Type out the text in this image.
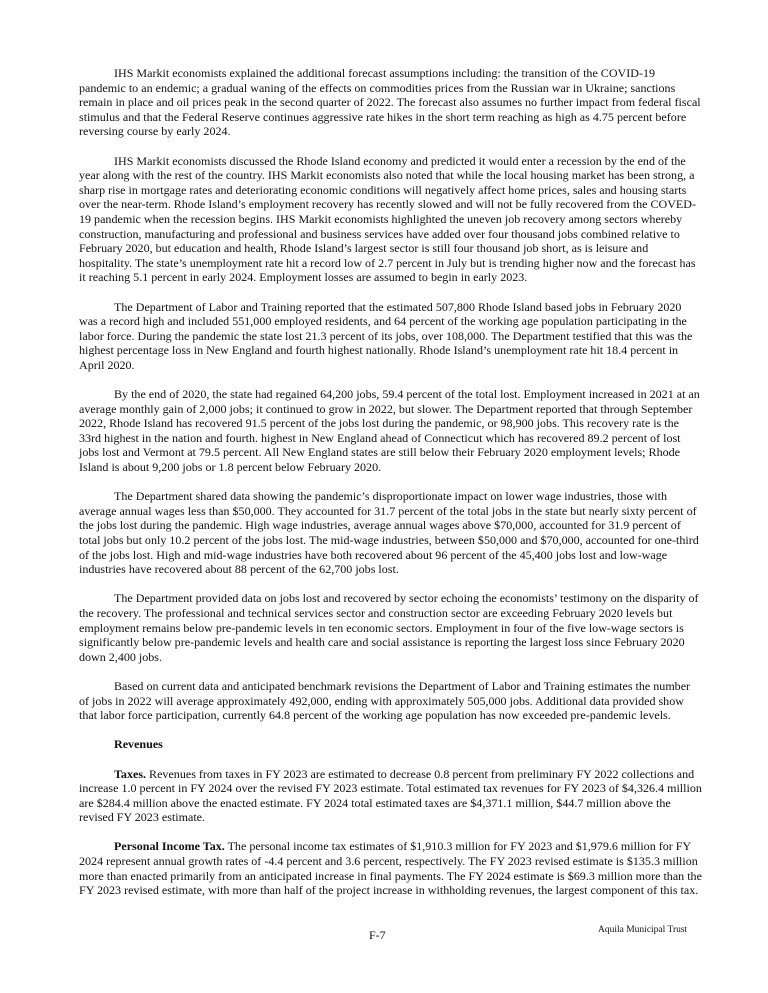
IHS Markit economists explained the additional forecast assumptions including: the transition of the COVID-19 pandemic to an endemic; a gradual waning of the effects on commodities prices from the Russian war in Ukraine; sanctions remain in place and oil prices peak in the second quarter of 2022. The forecast also assumes no further impact from federal fiscal stimulus and that the Federal Reserve continues aggressive rate hikes in the short term reaching as high as 4.75 percent before reversing course by early 2024.

IHS Markit economists discussed the Rhode Island economy and predicted it would enter a recession by the end of the year along with the rest of the country. IHS Markit economists also noted that while the local housing market has been strong, a sharp rise in mortgage rates and deteriorating economic conditions will negatively affect home prices, sales and housing starts over the near-term. Rhode Island’s employment recovery has recently slowed and will not be fully recovered from the COVED-19 pandemic when the recession begins. IHS Markit economists highlighted the uneven job recovery among sectors whereby construction, manufacturing and professional and business services have added over four thousand jobs combined relative to February 2020, but education and health, Rhode Island’s largest sector is still four thousand job short, as is leisure and hospitality. The state’s unemployment rate hit a record low of 2.7 percent in July but is trending higher now and the forecast has it reaching 5.1 percent in early 2024. Employment losses are assumed to begin in early 2023.

The Department of Labor and Training reported that the estimated 507,800 Rhode Island based jobs in February 2020 was a record high and included 551,000 employed residents, and 64 percent of the working age population participating in the labor force. During the pandemic the state lost 21.3 percent of its jobs, over 108,000. The Department testified that this was the highest percentage loss in New England and fourth highest nationally. Rhode Island’s unemployment rate hit 18.4 percent in April 2020.

By the end of 2020, the state had regained 64,200 jobs, 59.4 percent of the total lost. Employment increased in 2021 at an average monthly gain of 2,000 jobs; it continued to grow in 2022, but slower. The Department reported that through September 2022, Rhode Island has recovered 91.5 percent of the jobs lost during the pandemic, or 98,900 jobs. This recovery rate is the 33rd highest in the nation and fourth. highest in New England ahead of Connecticut which has recovered 89.2 percent of lost jobs lost and Vermont at 79.5 percent. All New England states are still below their February 2020 employment levels; Rhode Island is about 9,200 jobs or 1.8 percent below February 2020.

The Department shared data showing the pandemic’s disproportionate impact on lower wage industries, those with average annual wages less than $50,000. They accounted for 31.7 percent of the total jobs in the state but nearly sixty percent of the jobs lost during the pandemic. High wage industries, average annual wages above $70,000, accounted for 31.9 percent of total jobs but only 10.2 percent of the jobs lost. The mid-wage industries, between $50,000 and $70,000, accounted for one-third of the jobs lost. High and mid-wage industries have both recovered about 96 percent of the 45,400 jobs lost and low-wage industries have recovered about 88 percent of the 62,700 jobs lost.

The Department provided data on jobs lost and recovered by sector echoing the economists’ testimony on the disparity of the recovery. The professional and technical services sector and construction sector are exceeding February 2020 levels but employment remains below pre-pandemic levels in ten economic sectors. Employment in four of the five low-wage sectors is significantly below pre-pandemic levels and health care and social assistance is reporting the largest loss since February 2020 down 2,400 jobs.

Based on current data and anticipated benchmark revisions the Department of Labor and Training estimates the number of jobs in 2022 will average approximately 492,000, ending with approximately 505,000 jobs. Additional data provided show that labor force participation, currently 64.8 percent of the working age population has now exceeded pre-pandemic levels.

Revenues

Taxes. Revenues from taxes in FY 2023 are estimated to decrease 0.8 percent from preliminary FY 2022 collections and increase 1.0 percent in FY 2024 over the revised FY 2023 estimate. Total estimated tax revenues for FY 2023 of $4,326.4 million are $284.4 million above the enacted estimate. FY 2024 total estimated taxes are $4,371.1 million, $44.7 million above the revised FY 2023 estimate.

Personal Income Tax. The personal income tax estimates of $1,910.3 million for FY 2023 and $1,979.6 million for FY 2024 represent annual growth rates of -4.4 percent and 3.6 percent, respectively. The FY 2023 revised estimate is $135.3 million more than enacted primarily from an anticipated increase in final payments. The FY 2024 estimate is $69.3 million more than the FY 2023 revised estimate, with more than half of the project increase in withholding revenues, the largest component of this tax.

F-7	Aquila Municipal Trust
